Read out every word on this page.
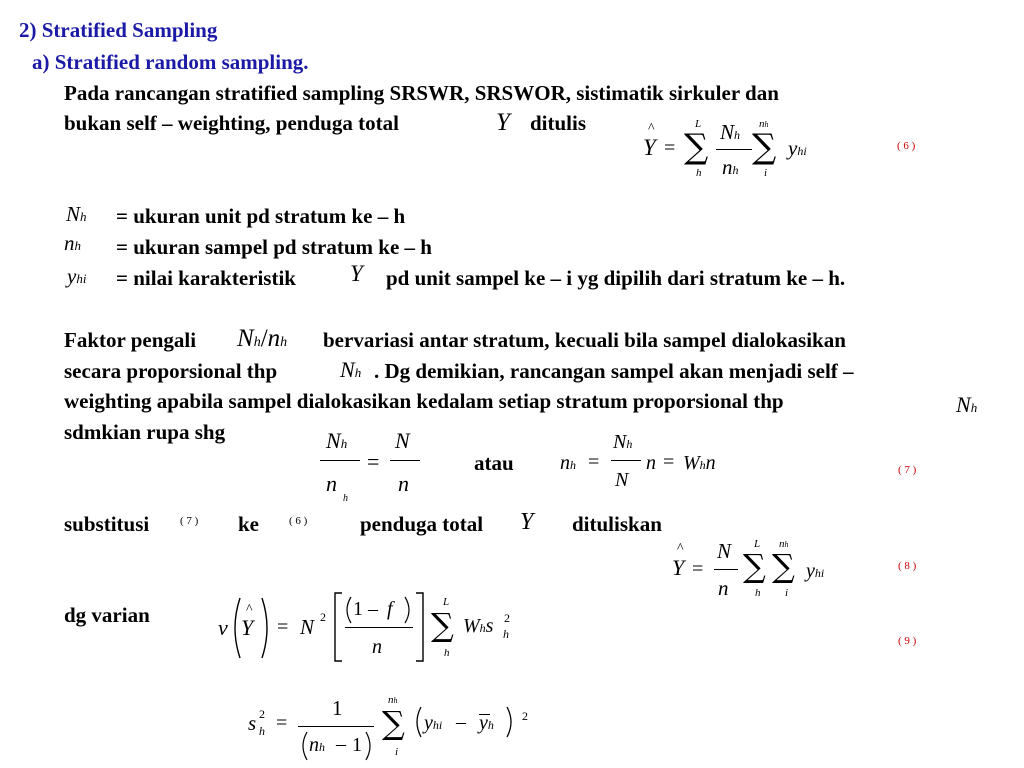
2) Stratified Sampling
a) Stratified random sampling.
Pada rancangan stratified sampling SRSWR, SRSWOR, sistimatik sirkuler dan
bukan self – weighting, penduga total	Y ditulis	^
Y =
L
∑
h
Nh
nh
nh
∑
i
yhi	( 6 )
Nh = ukuran unit pd stratum ke – h
nh = ukuran sampel pd stratum ke – h
yhi = nilai karakteristik Y pd unit sampel ke – i yg dipilih dari stratum ke – h.
Faktor pengali Nh/nh bervariasi antar stratum, kecuali bila sampel dialokasikan
secara proporsional thp	Nh . Dg demikian, rancangan sampel akan menjadi self –
weighting apabila sampel dialokasikan kedalam setiap stratum proporsional thp	Nh
sdmkian rupa shg	Nh
n
h
=
N
n
atau nh =
Nh
N
n = Whn	( 7 )
substitusi	( 7 ) ke	( 6 )	penduga total Y dituliskan
^
Y =
N
n
L
∑
h
nh
∑
i
yhi	( 8 )
dg varian	v
^
Y = N 2 1 – f
n
L
∑
h
Whs 2
h	( 9 )
s 2
h =
1
nh – 1
nh
∑
i
yhi – yh
2
